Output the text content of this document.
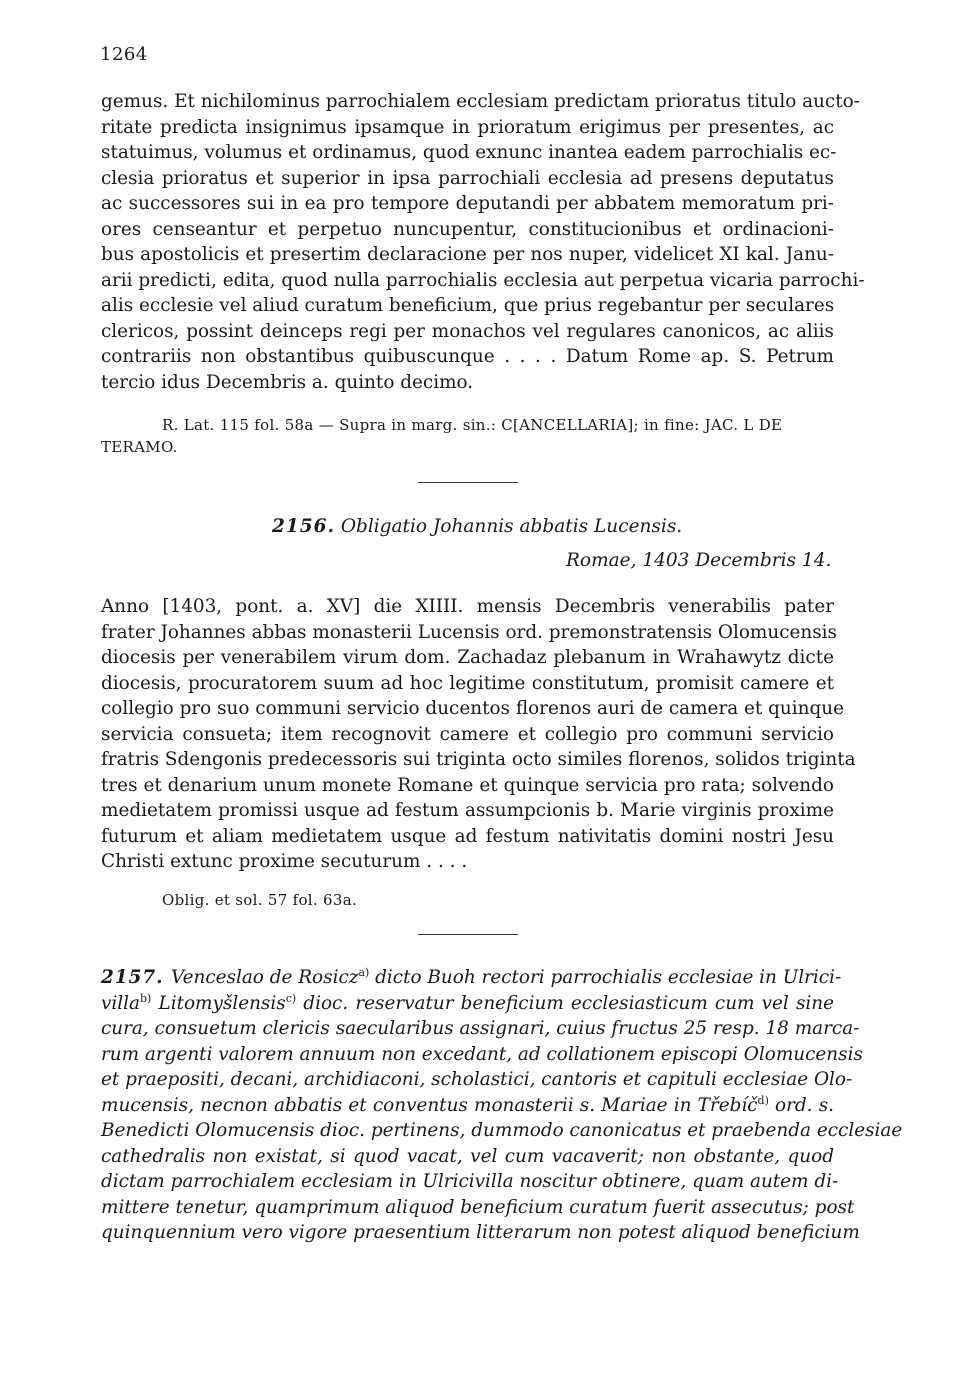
1264
gemus. Et nichilominus parrochialem ecclesiam predictam prioratus titulo aucto-
ritate predicta insignimus ipsamque in prioratum erigimus per presentes, ac
statuimus, volumus et ordinamus, quod exnunc inantea eadem parrochialis ec-
clesia prioratus et superior in ipsa parrochiali ecclesia ad presens deputatus
ac successores sui in ea pro tempore deputandi per abbatem memoratum pri-
ores censeantur et perpetuo nuncupentur, constitucionibus et ordinacioni-
bus apostolicis et presertim declaracione per nos nuper, videlicet XI kal. Janu-
arii predicti, edita, quod nulla parrochialis ecclesia aut perpetua vicaria parrochi-
alis ecclesie vel aliud curatum beneficium, que prius regebantur per seculares
clericos, possint deinceps regi per monachos vel regulares canonicos, ac aliis
contrariis non obstantibus quibuscunque . . . . Datum Rome ap. S. Petrum
tercio idus Decembris a. quinto decimo.
R. Lat. 115 fol. 58a — Supra in marg. sin.: C[ANCELLARIA]; in fine: JAC. L DE
TERAMO.
2156. Obligatio Johannis abbatis Lucensis.
Romae, 1403 Decembris 14.
Anno [1403, pont. a. XV] die XIIII. mensis Decembris venerabilis pater
frater Johannes abbas monasterii Lucensis ord. premonstratensis Olomucensis
diocesis per venerabilem virum dom. Zachadaz plebanum in Wrahawytz dicte
diocesis, procuratorem suum ad hoc legitime constitutum, promisit camere et
collegio pro suo communi servicio ducentos florenos auri de camera et quinque
servicia consueta; item recognovit camere et collegio pro communi servicio
fratris Sdengonis predecessoris sui triginta octo similes florenos, solidos triginta
tres et denarium unum monete Romane et quinque servicia pro rata; solvendo
medietatem promissi usque ad festum assumpcionis b. Marie virginis proxime
futurum et aliam medietatem usque ad festum nativitatis domini nostri Jesu
Christi extunc proxime secuturum . . . .
Oblig. et sol. 57 fol. 63a.
2157. Venceslao de Rosicz$^{a)}$ dicto Buoh rectori parrochialis ecclesiae in Ulrici-
villa$^{b)}$ Litomyšlensis$^{c)}$ dioc. reservatur beneficium ecclesiasticum cum vel sine
cura, consuetum clericis saecularibus assignari, cuius fructus 25 resp. 18 marca-
rum argenti valorem annuum non excedant, ad collationem episcopi Olomucensis
et praepositi, decani, archidiaconi, scholastici, cantoris et capituli ecclesiae Olo-
mucensis, necnon abbatis et conventus monasterii s. Mariae in Třebíč$^{d)}$ ord. s.
Benedicti Olomucensis dioc. pertinens, dummodo canonicatus et praebenda ecclesiae
cathedralis non existat, si quod vacat, vel cum vacaverit; non obstante, quod
dictam parrochialem ecclesiam in Ulricivilla noscitur obtinere, quam autem di-
mittere tenetur, quamprimum aliquod beneficium curatum fuerit assecutus; post
quinquennium vero vigore praesentium litterarum non potest aliquod beneficium
